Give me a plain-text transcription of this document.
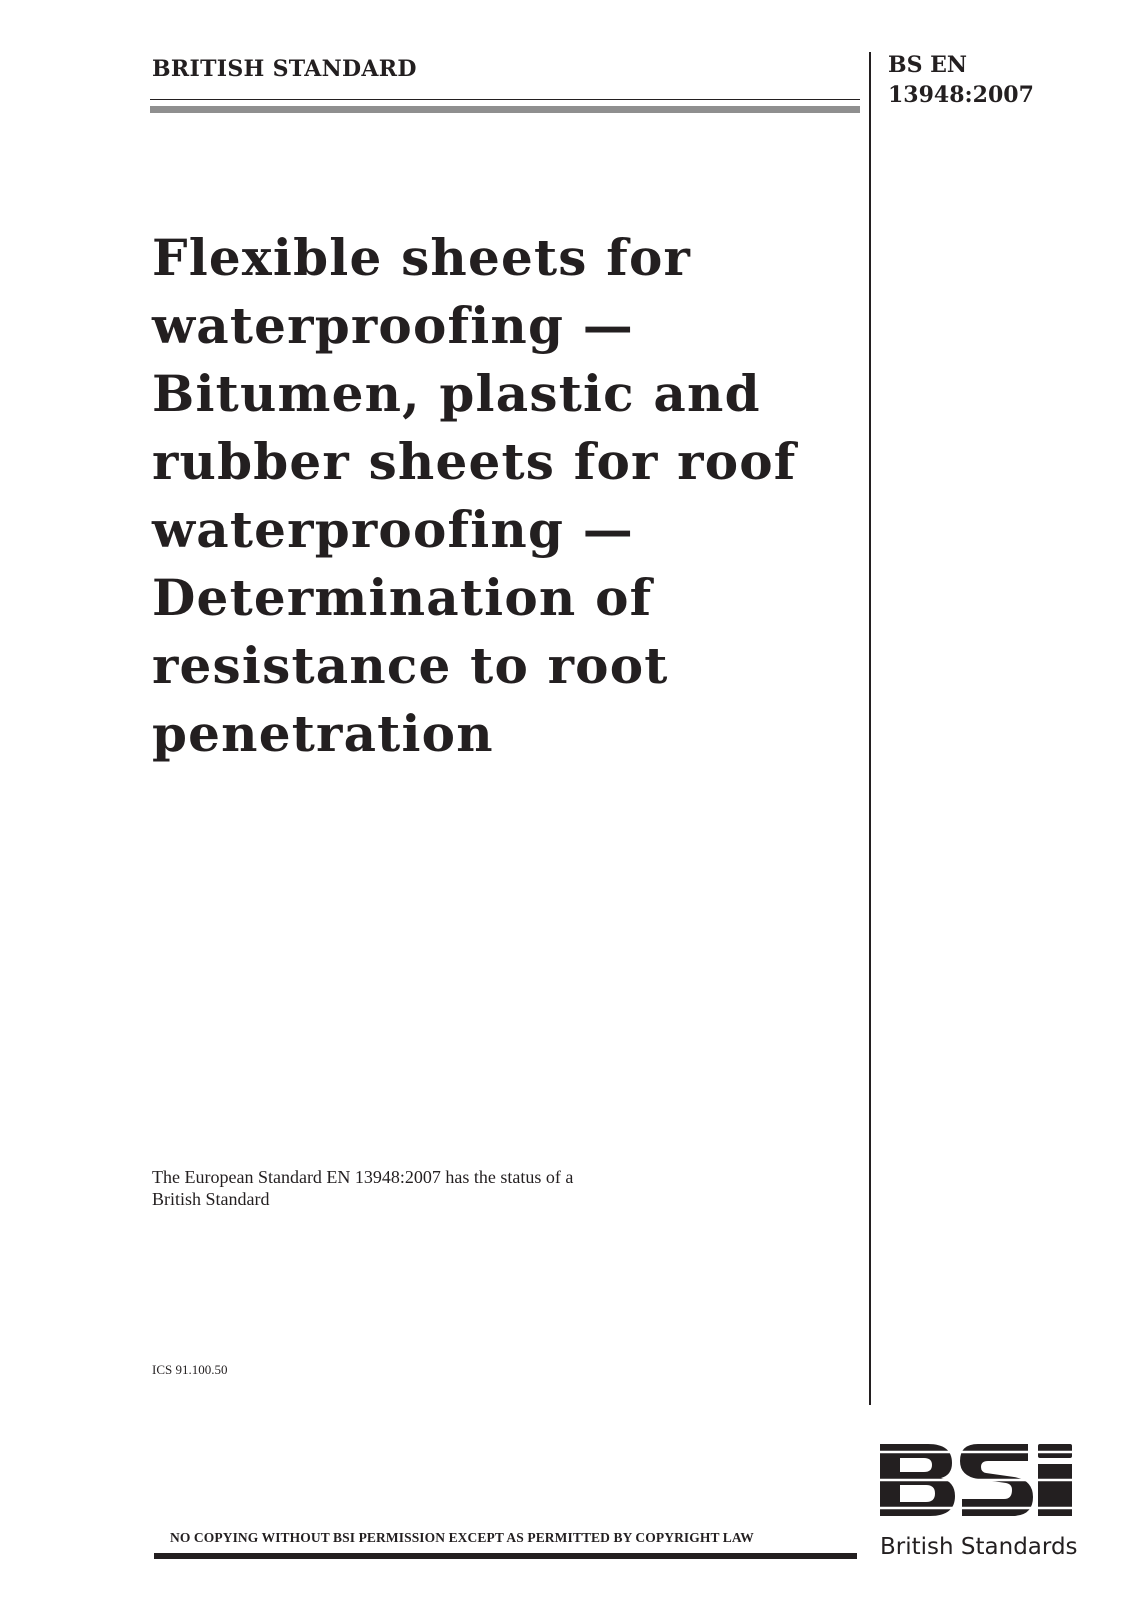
BRITISH STANDARD	BS EN
13948:2007
Flexible sheets for
waterproofing —
Bitumen, plastic and
rubber sheets for roof
waterproofing —
Determination of
resistance to root
penetration
The European Standard EN 13948:2007 has the status of a
British Standard
ICS 91.100.50
NO COPYING WITHOUT BSI PERMISSION EXCEPT AS PERMITTED BY COPYRIGHT LAW	British Standards
